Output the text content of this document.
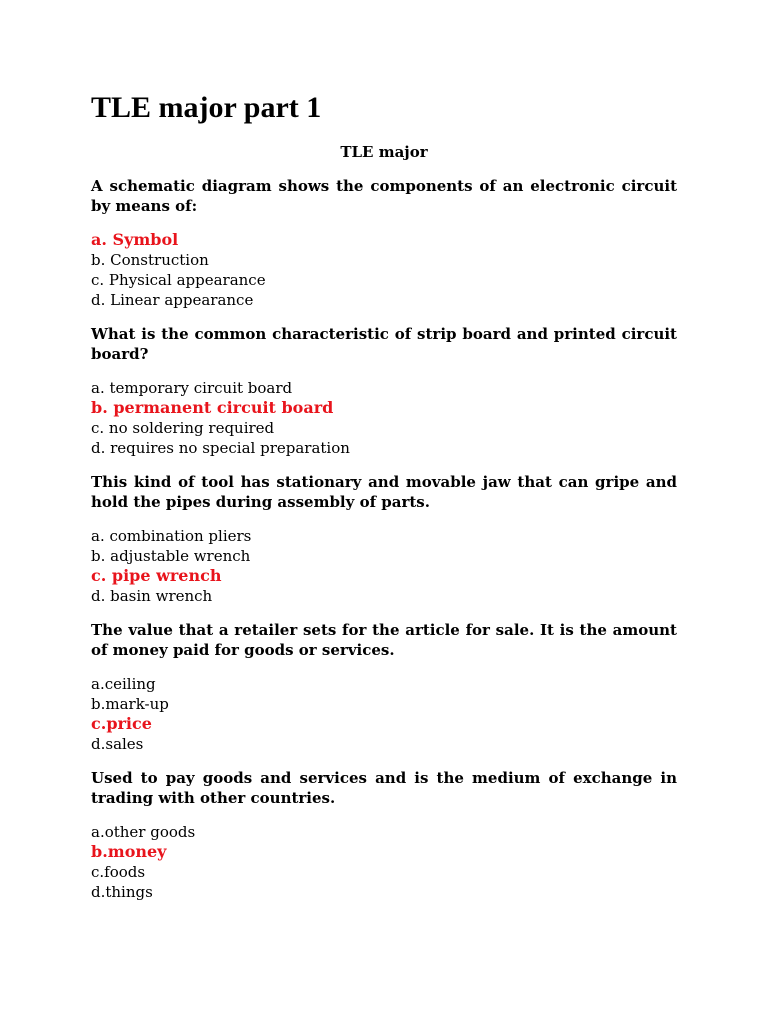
TLE major part 1
TLE major
A schematic diagram shows the components of an electronic circuit by means of:
a. Symbol
b. Construction
c. Physical appearance
d. Linear appearance
What is the common characteristic of strip board and printed circuit board?
a. temporary circuit board
b. permanent circuit board
c. no soldering required
d. requires no special preparation
This kind of tool has stationary and movable jaw that can gripe and hold the pipes during assembly of parts.
a. combination pliers
b. adjustable wrench
c. pipe wrench
d. basin wrench
The value that a retailer sets for the article for sale. It is the amount of money paid for goods or services.
a.ceiling
b.mark-up
c.price
d.sales
Used to pay goods and services and is the medium of exchange in trading with other countries.
a.other goods
b.money
c.foods
d.things
